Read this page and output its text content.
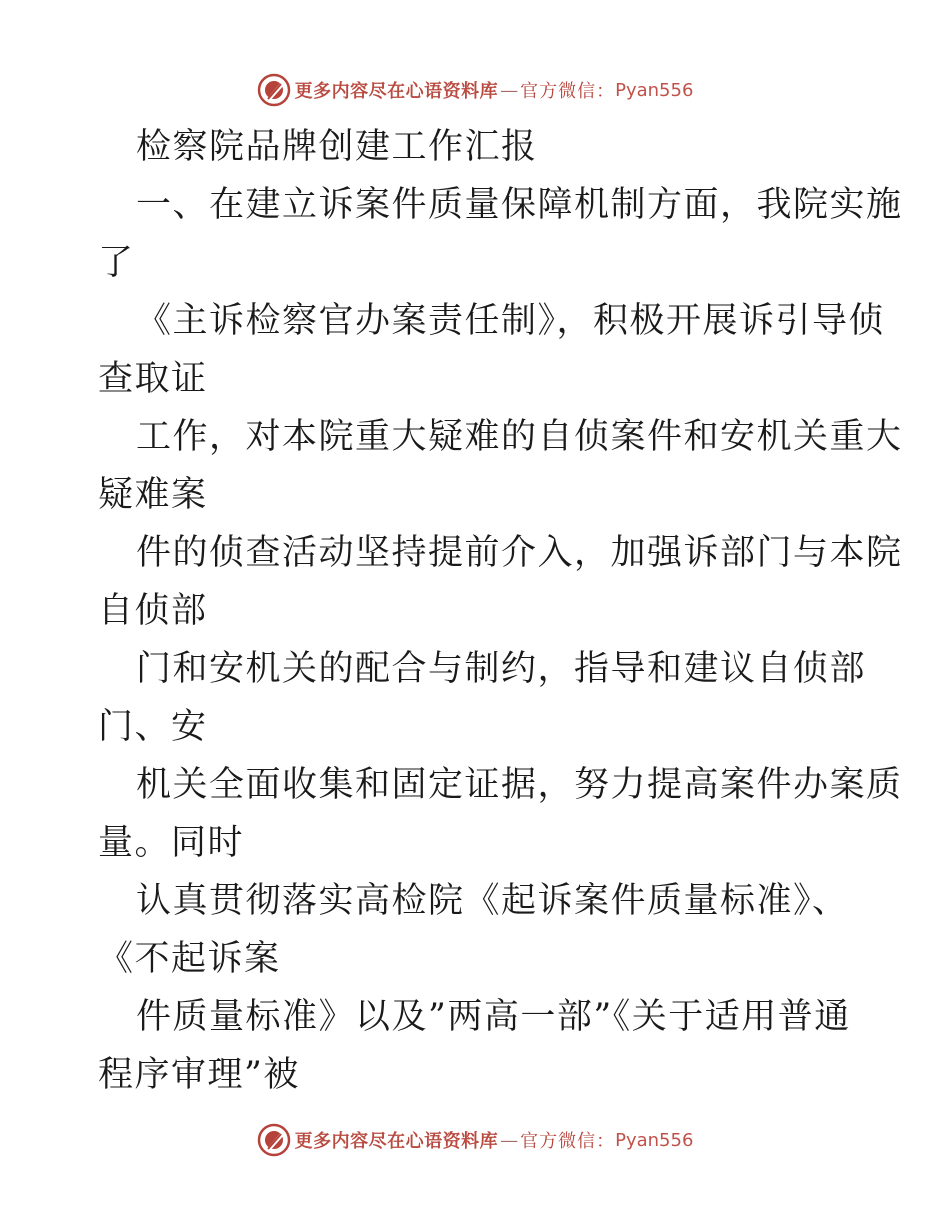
更多内容尽在心语资料库 — 官方微信： Pyan556
检察院品牌创建工作汇报
一、在建立诉案件质量保障机制方面，我院实施
了
《主诉检察官办案责任制》，积极开展诉引导侦
查取证
工作，对本院重大疑难的自侦案件和安机关重大
疑难案
件的侦查活动坚持提前介入，加强诉部门与本院
自侦部
门和安机关的配合与制约，指导和建议自侦部
门、安
机关全面收集和固定证据，努力提高案件办案质
量。同时
认真贯彻落实高检院《起诉案件质量标准》、
《不起诉案
件质量标准》以及”两高一部”《关于适用普通
程序审理”被
更多内容尽在心语资料库 — 官方微信： Pyan556
